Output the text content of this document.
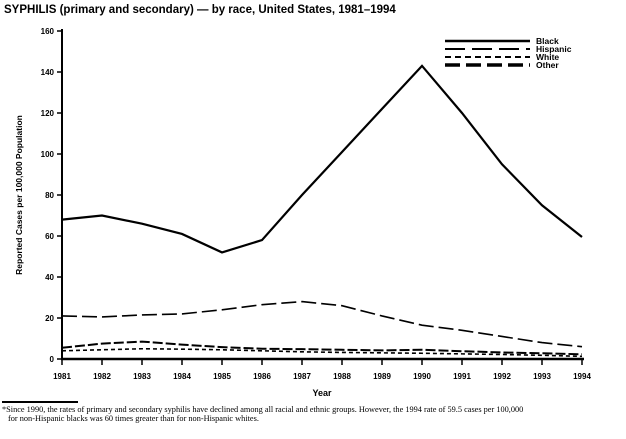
SYPHILIS (primary and secondary) — by race, United States, 1981–1994
0
20
40
60
80
100
120
140
160
1981	1982	1983	1984	1985	1986	1987	1988	1989	1990	1991	1992	1993	1994
Reported Cases per 100,000 Population
Year
Black
Hispanic
White
Other
*Since 1990, the rates of primary and secondary syphilis have declined among all racial and ethnic groups. However, the 1994 rate of 59.5 cases per 100,000
for non-Hispanic blacks was 60 times greater than for non-Hispanic whites.
